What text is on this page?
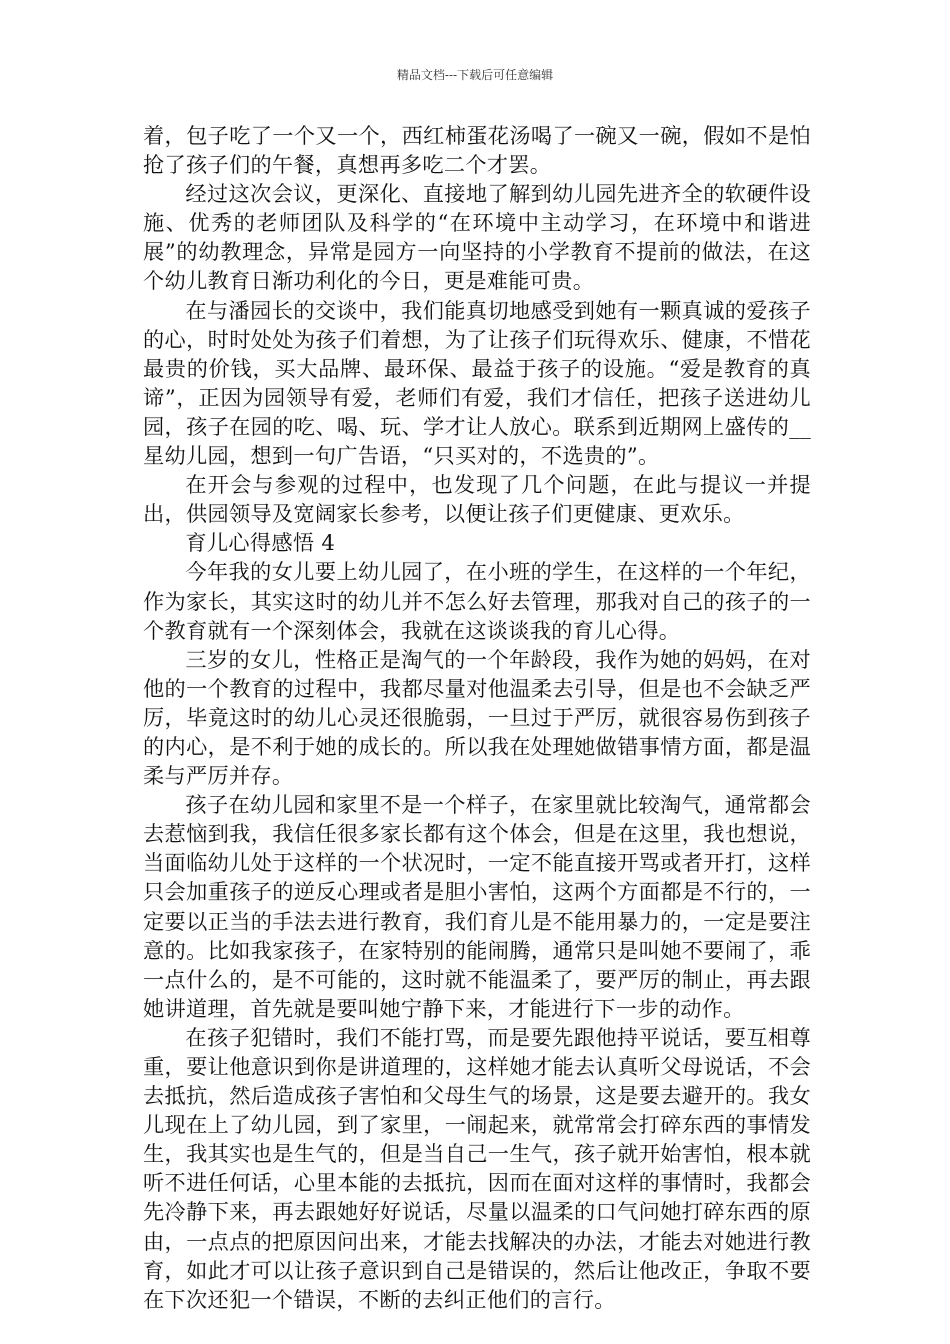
精品文档---下载后可任意编辑

着，包子吃了一个又一个，西红柿蛋花汤喝了一碗又一碗，假如不是怕抢了孩子们的午餐，真想再多吃二个才罢。

经过这次会议，更深化、直接地了解到幼儿园先进齐全的软硬件设施、优秀的老师团队及科学的“在环境中主动学习，在环境中和谐进展”的幼教理念，异常是园方一向坚持的小学教育不提前的做法，在这个幼儿教育日渐功利化的今日，更是难能可贵。

在与潘园长的交谈中，我们能真切地感受到她有一颗真诚的爱孩子的心，时时处处为孩子们着想，为了让孩子们玩得欢乐、健康，不惜花最贵的价钱，买大品牌、最环保、最益于孩子的设施。“爱是教育的真谛”，正因为园领导有爱，老师们有爱，我们才信任，把孩子送进幼儿园，孩子在园的吃、喝、玩、学才让人放心。联系到近期网上盛传的__星幼儿园，想到一句广告语，“只买对的，不选贵的”。

在开会与参观的过程中，也发现了几个问题，在此与提议一并提出，供园领导及宽阔家长参考，以便让孩子们更健康、更欢乐。

育儿心得感悟 4

今年我的女儿要上幼儿园了，在小班的学生，在这样的一个年纪，作为家长，其实这时的幼儿并不怎么好去管理，那我对自己的孩子的一个教育就有一个深刻体会，我就在这谈谈我的育儿心得。

三岁的女儿，性格正是淘气的一个年龄段，我作为她的妈妈，在对他的一个教育的过程中，我都尽量对他温柔去引导，但是也不会缺乏严厉，毕竟这时的幼儿心灵还很脆弱，一旦过于严厉，就很容易伤到孩子的内心，是不利于她的成长的。所以我在处理她做错事情方面，都是温柔与严厉并存。

孩子在幼儿园和家里不是一个样子，在家里就比较淘气，通常都会去惹恼到我，我信任很多家长都有这个体会，但是在这里，我也想说，当面临幼儿处于这样的一个状况时，一定不能直接开骂或者开打，这样只会加重孩子的逆反心理或者是胆小害怕，这两个方面都是不行的，一定要以正当的手法去进行教育，我们育儿是不能用暴力的，一定是要注意的。比如我家孩子，在家特别的能闹腾，通常只是叫她不要闹了，乖一点什么的，是不可能的，这时就不能温柔了，要严厉的制止，再去跟她讲道理，首先就是要叫她宁静下来，才能进行下一步的动作。

在孩子犯错时，我们不能打骂，而是要先跟他持平说话，要互相尊重，要让他意识到你是讲道理的，这样她才能去认真听父母说话，不会去抵抗，然后造成孩子害怕和父母生气的场景，这是要去避开的。我女儿现在上了幼儿园，到了家里，一闹起来，就常常会打碎东西的事情发生，我其实也是生气的，但是当自己一生气，孩子就开始害怕，根本就听不进任何话，心里本能的去抵抗，因而在面对这样的事情时，我都会先冷静下来，再去跟她好好说话，尽量以温柔的口气问她打碎东西的原由，一点点的把原因问出来，才能去找解决的办法，才能去对她进行教育，如此才可以让孩子意识到自己是错误的，然后让他改正，争取不要在下次还犯一个错误，不断的去纠正他们的言行。
